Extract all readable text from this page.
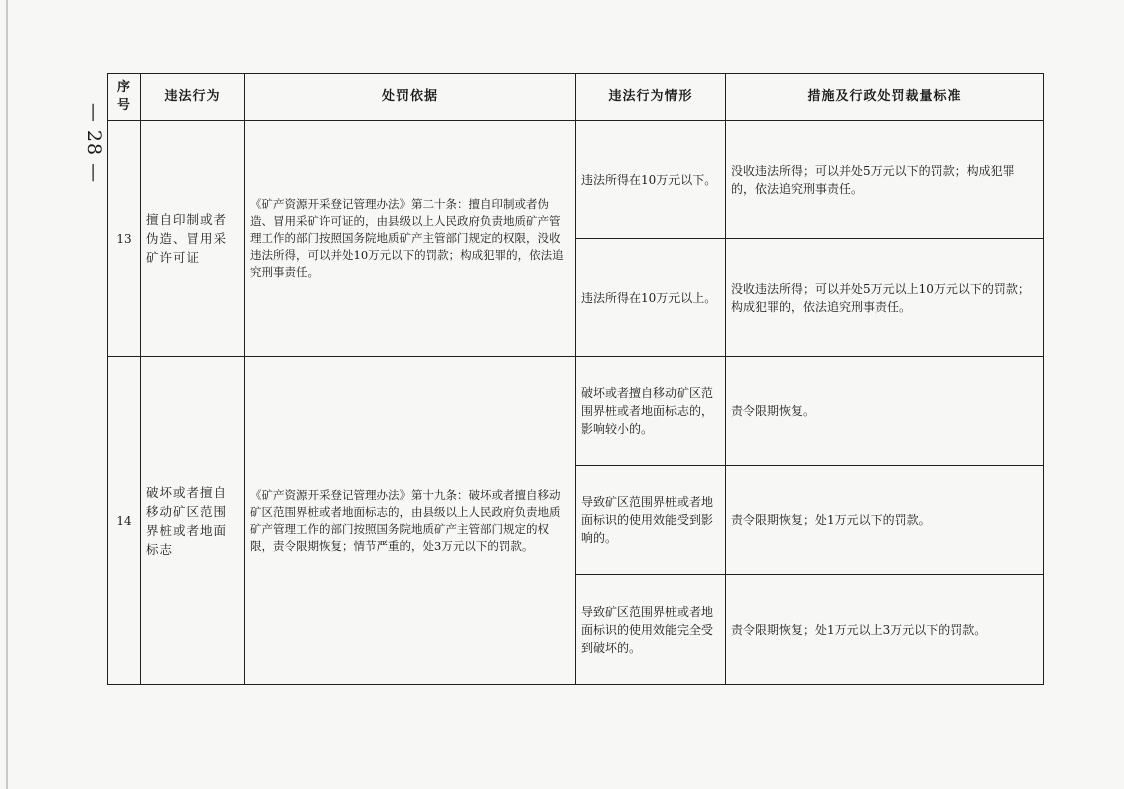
— 28 —
序号	违法行为	处罚依据	违法行为情形	措施及行政处罚裁量标准
13	擅自印制或者伪造、冒用采矿许可证	《矿产资源开采登记管理办法》第二十条：擅自印制或者伪造、冒用采矿许可证的，由县级以上人民政府负责地质矿产管理工作的部门按照国务院地质矿产主管部门规定的权限，没收违法所得，可以并处10万元以下的罚款；构成犯罪的，依法追究刑事责任。	违法所得在10万元以下。	没收违法所得；可以并处5万元以下的罚款；构成犯罪的，依法追究刑事责任。
			违法所得在10万元以上。	没收违法所得；可以并处5万元以上10万元以下的罚款；构成犯罪的，依法追究刑事责任。
14	破坏或者擅自移动矿区范围界桩或者地面标志	《矿产资源开采登记管理办法》第十九条：破坏或者擅自移动矿区范围界桩或者地面标志的，由县级以上人民政府负责地质矿产管理工作的部门按照国务院地质矿产主管部门规定的权限，责令限期恢复；情节严重的，处3万元以下的罚款。	破坏或者擅自移动矿区范围界桩或者地面标志的，影响较小的。	责令限期恢复。
			导致矿区范围界桩或者地面标识的使用效能受到影响的。	责令限期恢复；处1万元以下的罚款。
			导致矿区范围界桩或者地面标识的使用效能完全受到破坏的。	责令限期恢复；处1万元以上3万元以下的罚款。
